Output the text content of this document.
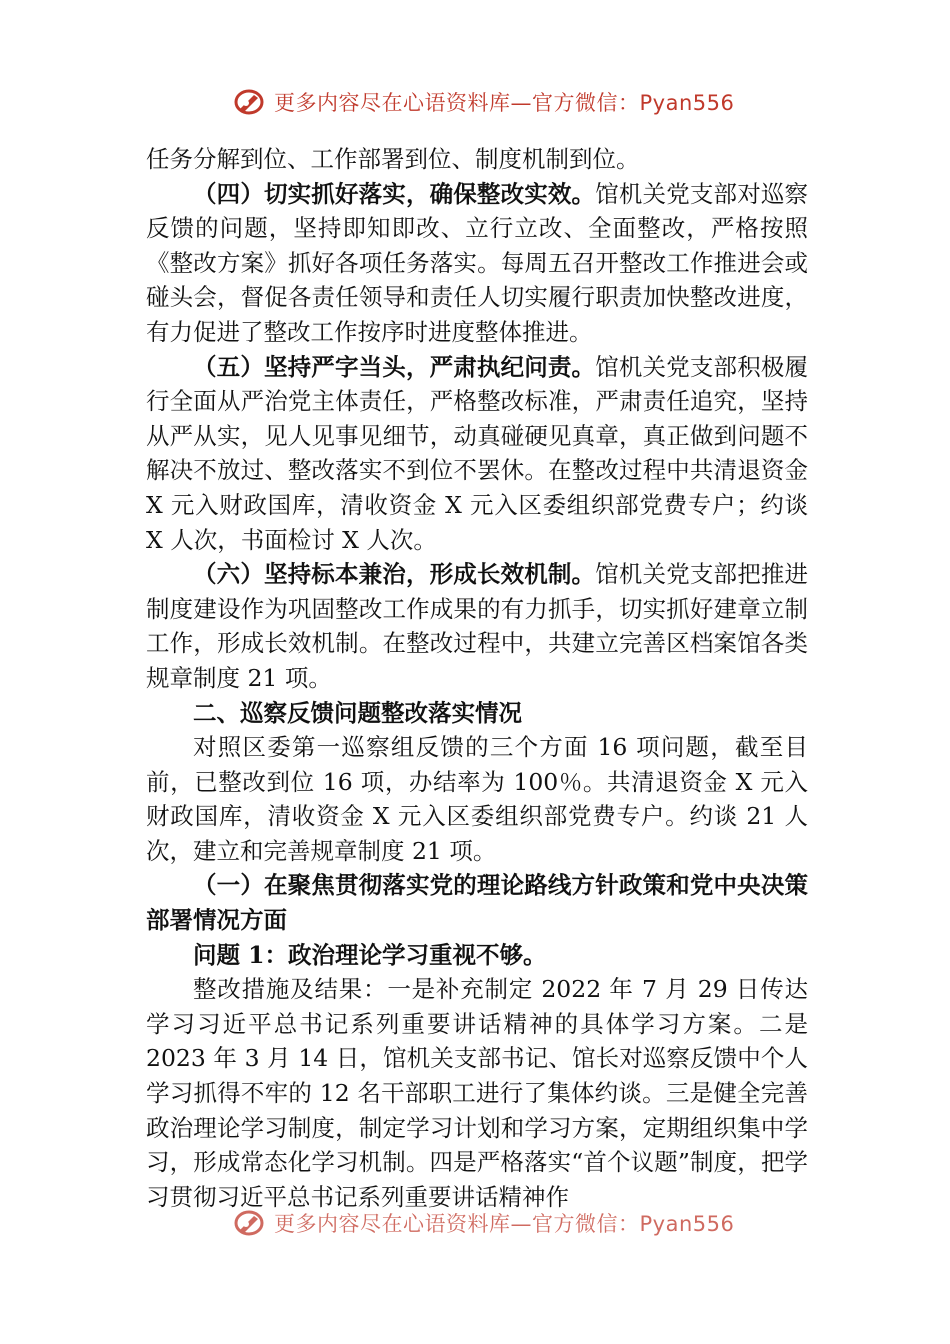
更多内容尽在心语资料库—官方微信：Pyan556

任务分解到位、工作部署到位、制度机制到位。

（四）切实抓好落实，确保整改实效。馆机关党支部对巡察反馈的问题，坚持即知即改、立行立改、全面整改，严格按照《整改方案》抓好各项任务落实。每周五召开整改工作推进会或碰头会，督促各责任领导和责任人切实履行职责加快整改进度，有力促进了整改工作按序时进度整体推进。

（五）坚持严字当头，严肃执纪问责。馆机关党支部积极履行全面从严治党主体责任，严格整改标准，严肃责任追究，坚持从严从实，见人见事见细节，动真碰硬见真章，真正做到问题不解决不放过、整改落实不到位不罢休。在整改过程中共清退资金 X 元入财政国库，清收资金 X 元入区委组织部党费专户；约谈 X 人次，书面检讨 X 人次。

（六）坚持标本兼治，形成长效机制。馆机关党支部把推进制度建设作为巩固整改工作成果的有力抓手，切实抓好建章立制工作，形成长效机制。在整改过程中，共建立完善区档案馆各类规章制度 21 项。

二、巡察反馈问题整改落实情况

对照区委第一巡察组反馈的三个方面 16 项问题，截至目前，已整改到位 16 项，办结率为 100％。共清退资金 X 元入财政国库，清收资金 X 元入区委组织部党费专户。约谈 21 人次，建立和完善规章制度 21 项。

（一）在聚焦贯彻落实党的理论路线方针政策和党中央决策部署情况方面

问题 1：政治理论学习重视不够。

整改措施及结果：一是补充制定 2022 年 7 月 29 日传达学习习近平总书记系列重要讲话精神的具体学习方案。二是 2023 年 3 月 14 日，馆机关支部书记、馆长对巡察反馈中个人学习抓得不牢的 12 名干部职工进行了集体约谈。三是健全完善政治理论学习制度，制定学习计划和学习方案，定期组织集中学习，形成常态化学习机制。四是严格落实“首个议题”制度，把学习贯彻习近平总书记系列重要讲话精神作

更多内容尽在心语资料库—官方微信：Pyan556
